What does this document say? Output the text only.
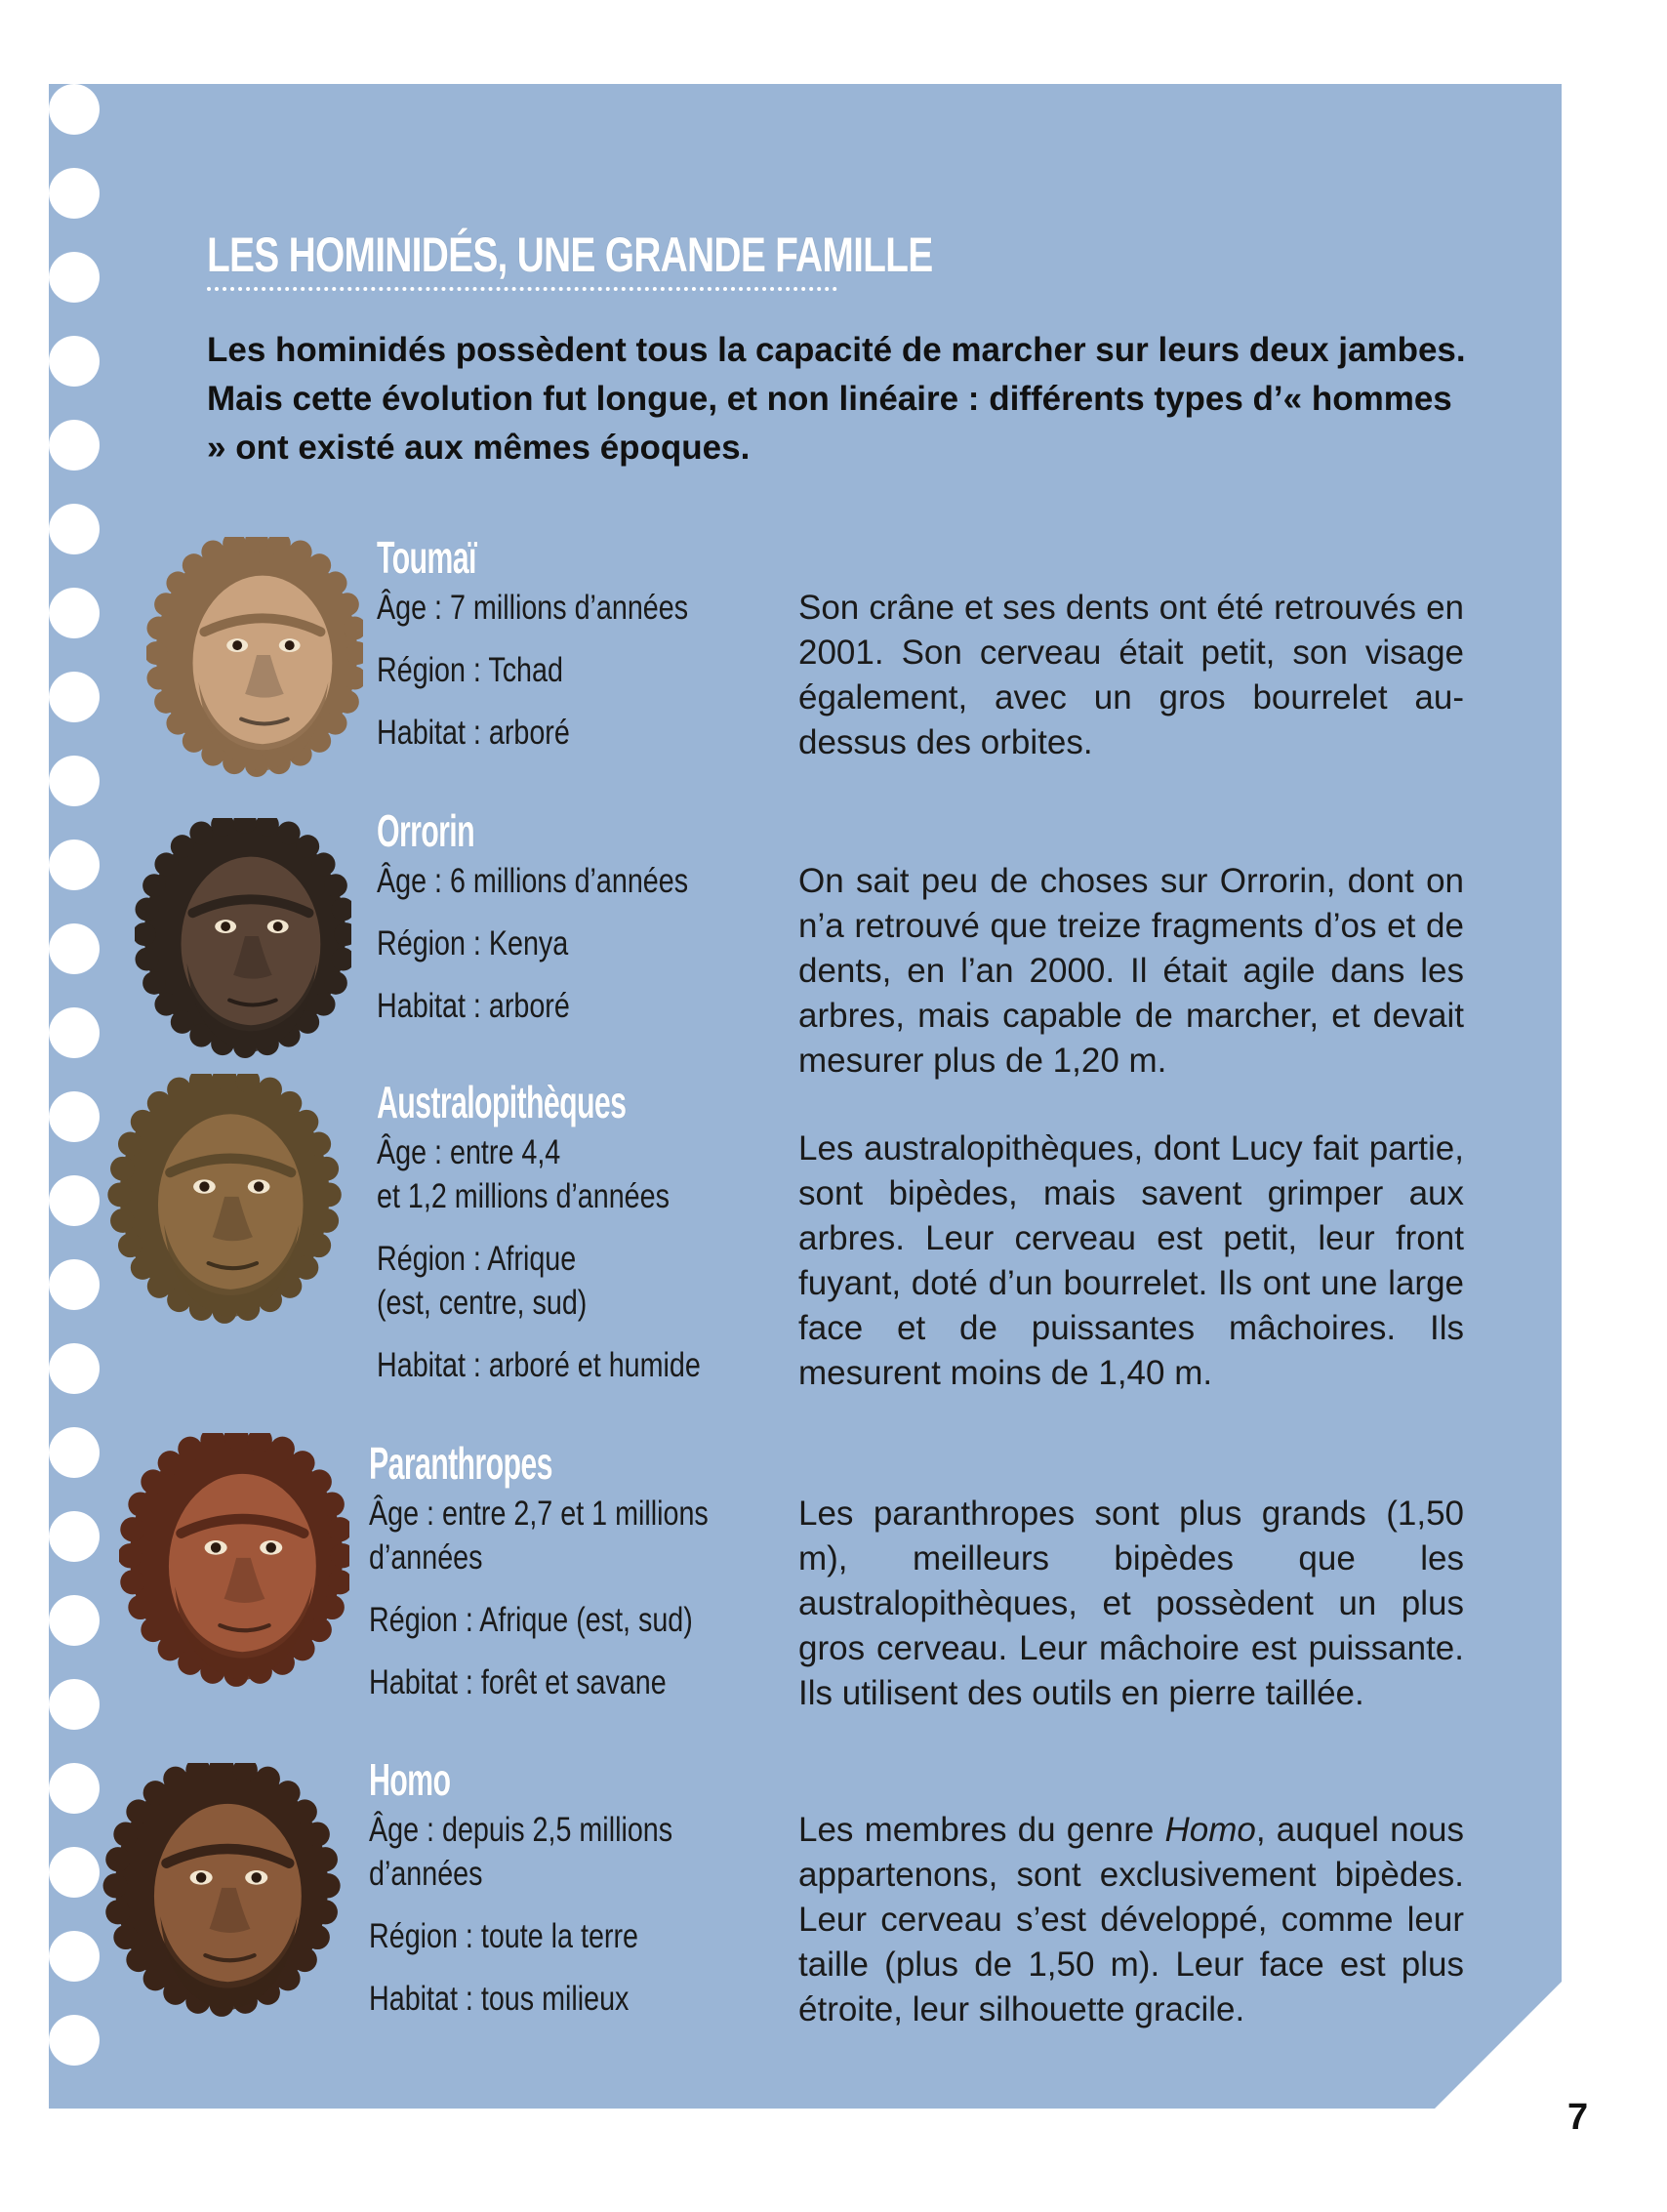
LES HOMINIDÉS, UNE GRANDE FAMILLE

Les hominidés possèdent tous la capacité de marcher sur leurs deux jambes. Mais cette évolution fut longue, et non linéaire : différents types d’« hommes » ont existé aux mêmes époques.

Toumaï
Âge : 7 millions d’années
Région : Tchad
Habitat : arboré

Son crâne et ses dents ont été retrouvés en 2001. Son cerveau était petit, son visage également, avec un gros bourrelet au-dessus des orbites.

Orrorin
Âge : 6 millions d’années
Région : Kenya
Habitat : arboré

On sait peu de choses sur Orrorin, dont on n’a retrouvé que treize fragments d’os et de dents, en l’an 2000. Il était agile dans les arbres, mais capable de marcher, et devait mesurer plus de 1,20 m.

Australopithèques
Âge : entre 4,4
et 1,2 millions d’années
Région : Afrique
(est, centre, sud)
Habitat : arboré et humide

Les australopithèques, dont Lucy fait partie, sont bipèdes, mais savent grimper aux arbres. Leur cerveau est petit, leur front fuyant, doté d’un bourrelet. Ils ont une large face et de puissantes mâchoires. Ils mesurent moins de 1,40 m.

Paranthropes
Âge : entre 2,7 et 1 millions
d’années
Région : Afrique (est, sud)
Habitat : forêt et savane

Les paranthropes sont plus grands (1,50 m), meilleurs bipèdes que les australopithèques, et possèdent un plus gros cerveau. Leur mâchoire est puissante. Ils utilisent des outils en pierre taillée.

Homo
Âge : depuis 2,5 millions
d’années
Région : toute la terre
Habitat : tous milieux

Les membres du genre Homo, auquel nous appartenons, sont exclusivement bipèdes. Leur cerveau s’est développé, comme leur taille (plus de 1,50 m). Leur face est plus étroite, leur silhouette gracile.

7
